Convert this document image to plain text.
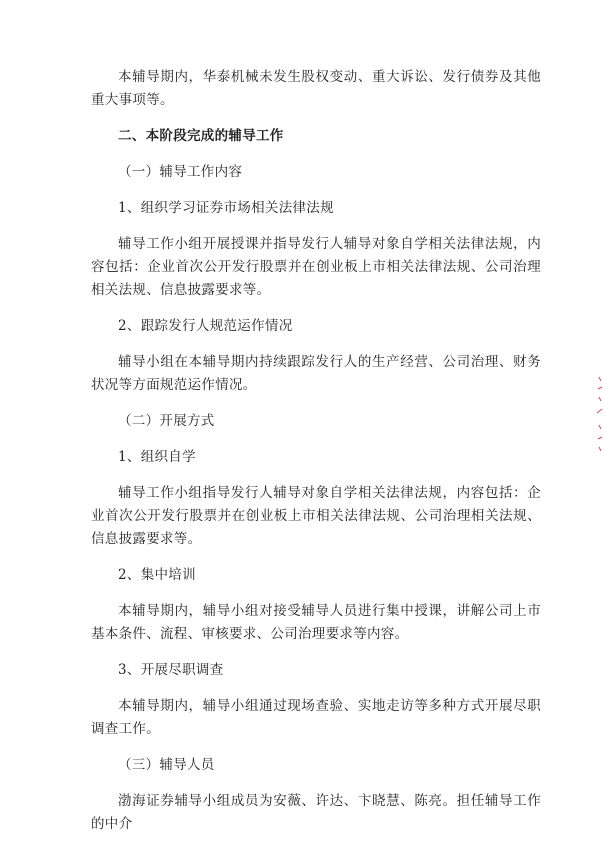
本辅导期内，华泰机械未发生股权变动、重大诉讼、发行债券及其他重大事项等。

二、本阶段完成的辅导工作

（一）辅导工作内容

1、组织学习证券市场相关法律法规

辅导工作小组开展授课并指导发行人辅导对象自学相关法律法规，内容包括：企业首次公开发行股票并在创业板上市相关法律法规、公司治理相关法规、信息披露要求等。

2、跟踪发行人规范运作情况

辅导小组在本辅导期内持续跟踪发行人的生产经营、公司治理、财务状况等方面规范运作情况。

（二）开展方式

1、组织自学

辅导工作小组指导发行人辅导对象自学相关法律法规，内容包括：企业首次公开发行股票并在创业板上市相关法律法规、公司治理相关法规、信息披露要求等。

2、集中培训

本辅导期内，辅导小组对接受辅导人员进行集中授课，讲解公司上市基本条件、流程、审核要求、公司治理要求等内容。

3、开展尽职调查

本辅导期内，辅导小组通过现场查验、实地走访等多种方式开展尽职调查工作。

（三）辅导人员

渤海证券辅导小组成员为安薇、许达、卞晓慧、陈亮。担任辅导工作的中介
